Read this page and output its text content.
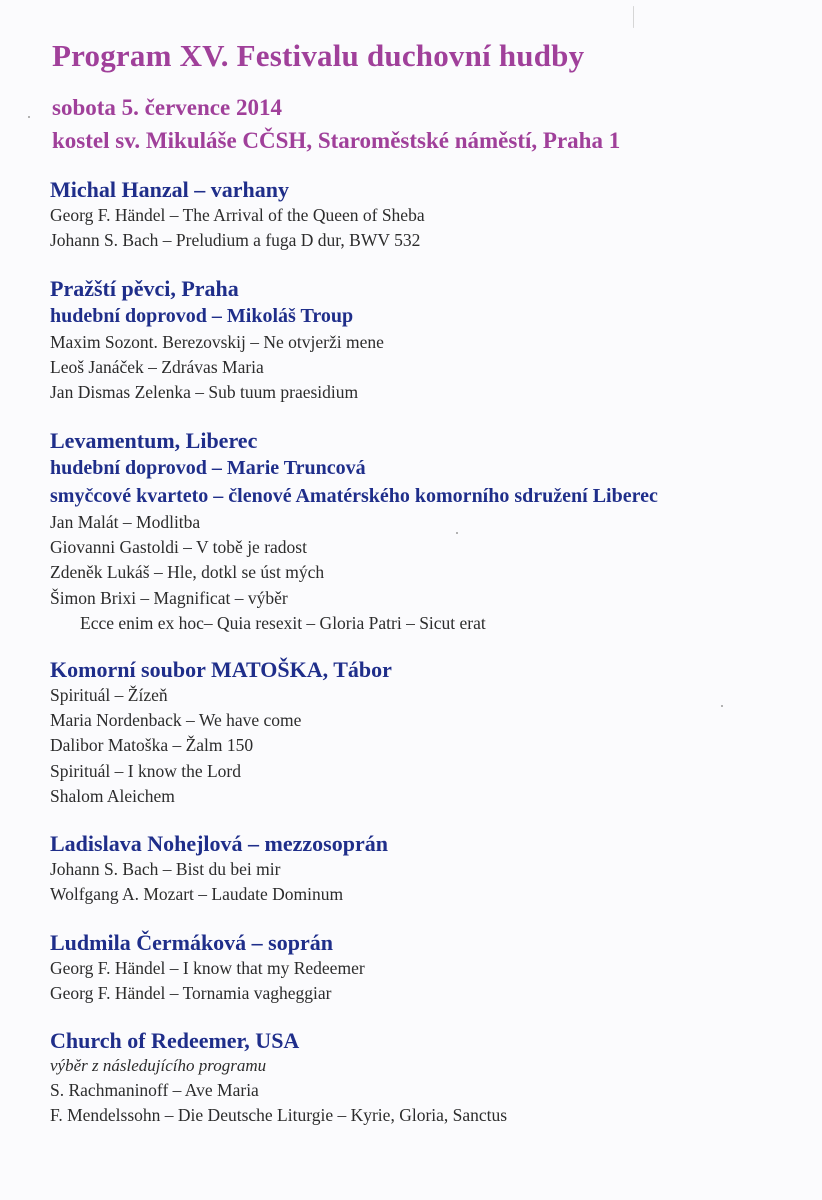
Program XV. Festivalu duchovní hudby
sobota 5. července 2014
kostel sv. Mikuláše CČSH, Staroměstské náměstí, Praha 1
Michal Hanzal – varhany
Georg F. Händel – The Arrival of the Queen of Sheba
Johann S. Bach – Preludium a fuga D dur, BWV 532
Pražští pěvci, Praha
hudební doprovod – Mikoláš Troup
Maxim Sozont. Berezovskij – Ne otvjerži mene
Leoš Janáček – Zdrávas Maria
Jan Dismas Zelenka – Sub tuum praesidium
Levamentum, Liberec
hudební doprovod – Marie Truncová
smyčcové kvarteto – členové Amatérského komorního sdružení Liberec
Jan Malát – Modlitba
Giovanni Gastoldi – V tobě je radost
Zdeněk Lukáš – Hle, dotkl se úst mých
Šimon Brixi – Magnificat – výběr
Ecce enim ex hoc– Quia resexit – Gloria Patri – Sicut erat
Komorní soubor MATOŠKA, Tábor
Spirituál – Žízeň
Maria Nordenback – We have come
Dalibor Matoška – Žalm 150
Spirituál – I know the Lord
Shalom Aleichem
Ladislava Nohejlová – mezzosoprán
Johann S. Bach – Bist du bei mir
Wolfgang A. Mozart – Laudate Dominum
Ludmila Čermáková – soprán
Georg F. Händel – I know that my Redeemer
Georg F. Händel – Tornamia vagheggiar
Church of Redeemer, USA
výběr z následujícího programu
S. Rachmaninoff – Ave Maria
F. Mendelssohn – Die Deutsche Liturgie – Kyrie, Gloria, Sanctus
